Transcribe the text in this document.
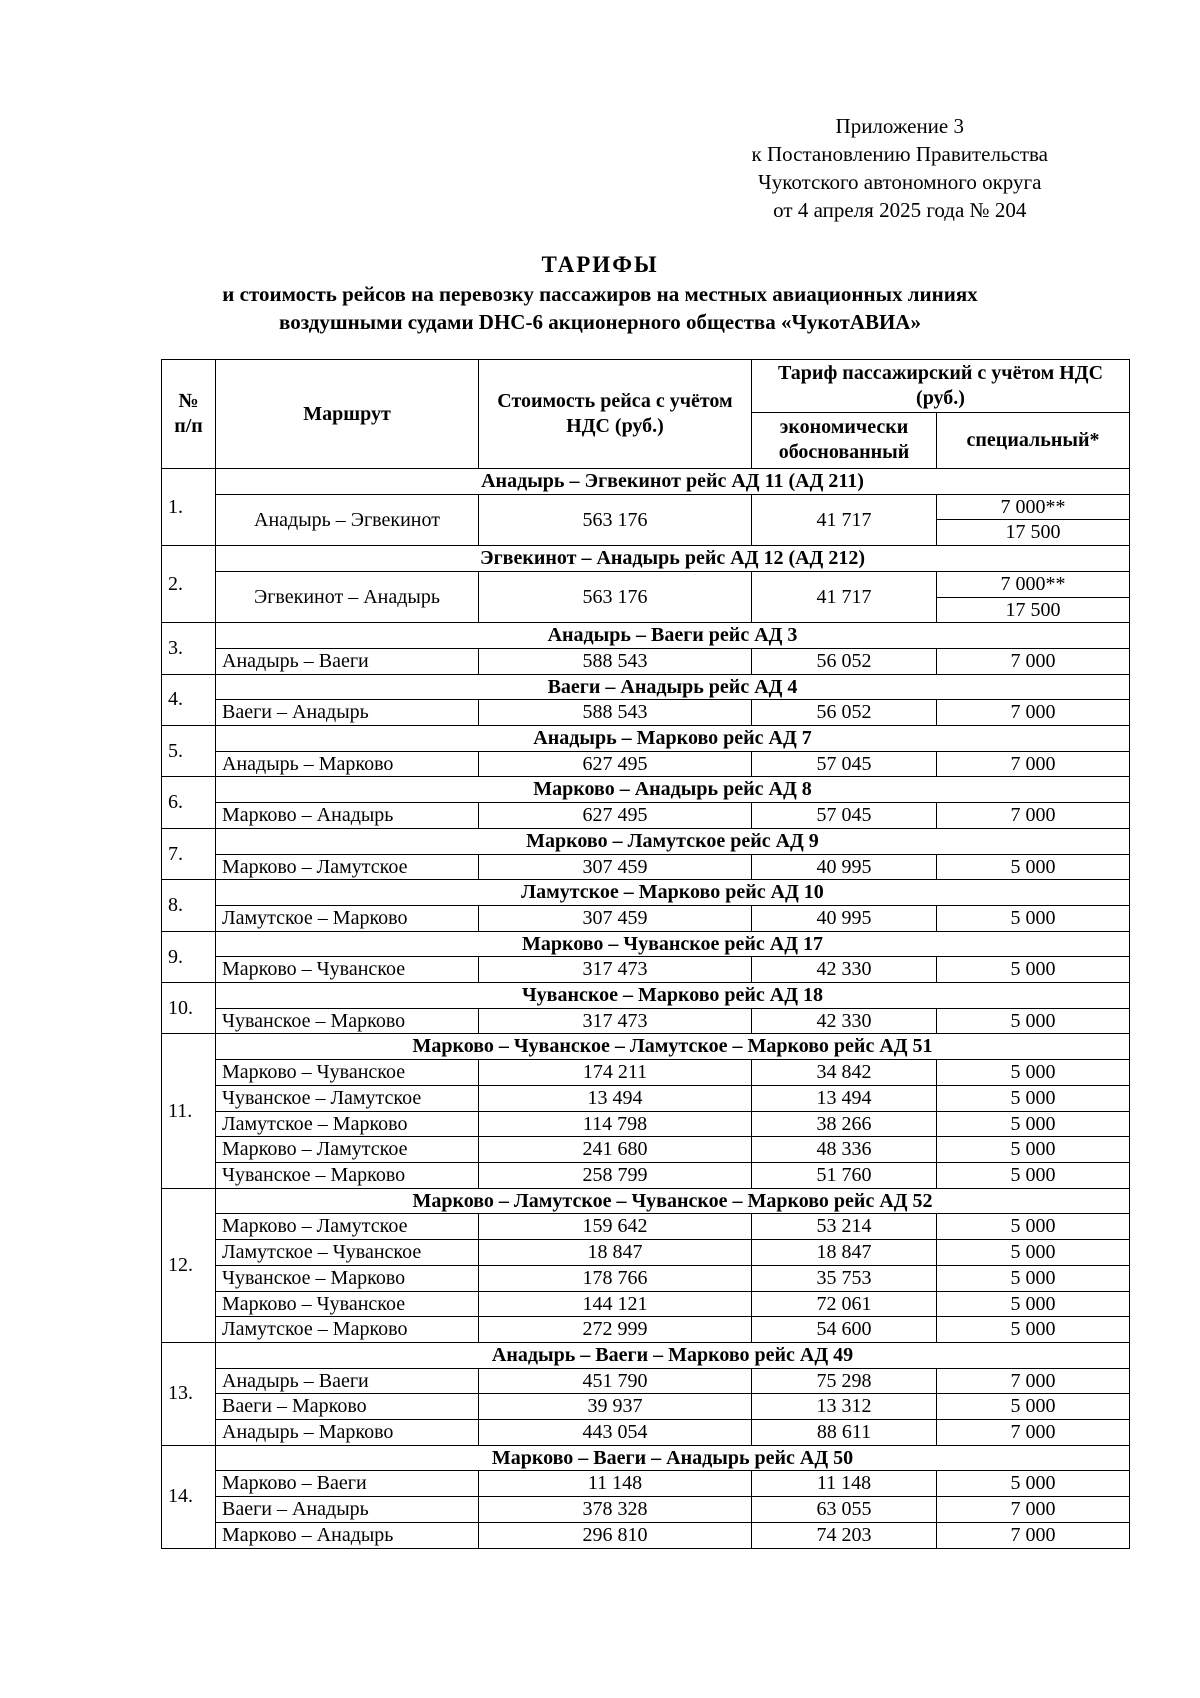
Приложение 3
к Постановлению Правительства
Чукотского автономного округа
от 4 апреля 2025 года № 204
ТАРИФЫ
и стоимость рейсов на перевозку пассажиров на местных авиационных линиях
воздушными судами DHC-6 акционерного общества «ЧукотАВИА»
№ п/п	Маршрут	Стоимость рейса с учётом НДС (руб.)	Тариф пассажирский с учётом НДС (руб.)	
			экономически обоснованный	специальный*
1.	Анадырь – Эгвекинот рейс АД 11 (АД 211)			
	Анадырь – Эгвекинот	563 176	41 717	7 000**
				17 500
2.	Эгвекинот – Анадырь рейс АД 12 (АД 212)			
	Эгвекинот – Анадырь	563 176	41 717	7 000**
				17 500
3.	Анадырь – Ваеги рейс АД 3			
	Анадырь – Ваеги	588 543	56 052	7 000
4.	Ваеги – Анадырь рейс АД 4			
	Ваеги – Анадырь	588 543	56 052	7 000
5.	Анадырь – Марково рейс АД 7			
	Анадырь – Марково	627 495	57 045	7 000
6.	Марково – Анадырь рейс АД 8			
	Марково – Анадырь	627 495	57 045	7 000
7.	Марково – Ламутское рейс АД 9			
	Марково – Ламутское	307 459	40 995	5 000
8.	Ламутское – Марково рейс АД 10			
	Ламутское – Марково	307 459	40 995	5 000
9.	Марково – Чуванское рейс АД 17			
	Марково – Чуванское	317 473	42 330	5 000
10.	Чуванское – Марково рейс АД 18			
	Чуванское – Марково	317 473	42 330	5 000
11.	Марково – Чуванское – Ламутское – Марково рейс АД 51			
	Марково – Чуванское	174 211	34 842	5 000
	Чуванское – Ламутское	13 494	13 494	5 000
	Ламутское – Марково	114 798	38 266	5 000
	Марково – Ламутское	241 680	48 336	5 000
	Чуванское – Марково	258 799	51 760	5 000
12.	Марково – Ламутское – Чуванское – Марково рейс АД 52			
	Марково – Ламутское	159 642	53 214	5 000
	Ламутское – Чуванское	18 847	18 847	5 000
	Чуванское – Марково	178 766	35 753	5 000
	Марково – Чуванское	144 121	72 061	5 000
	Ламутское – Марково	272 999	54 600	5 000
13.	Анадырь – Ваеги – Марково рейс АД 49			
	Анадырь – Ваеги	451 790	75 298	7 000
	Ваеги – Марково	39 937	13 312	5 000
	Анадырь – Марково	443 054	88 611	7 000
14.	Марково – Ваеги – Анадырь рейс АД 50			
	Марково – Ваеги	11 148	11 148	5 000
	Ваеги – Анадырь	378 328	63 055	7 000
	Марково – Анадырь	296 810	74 203	7 000
